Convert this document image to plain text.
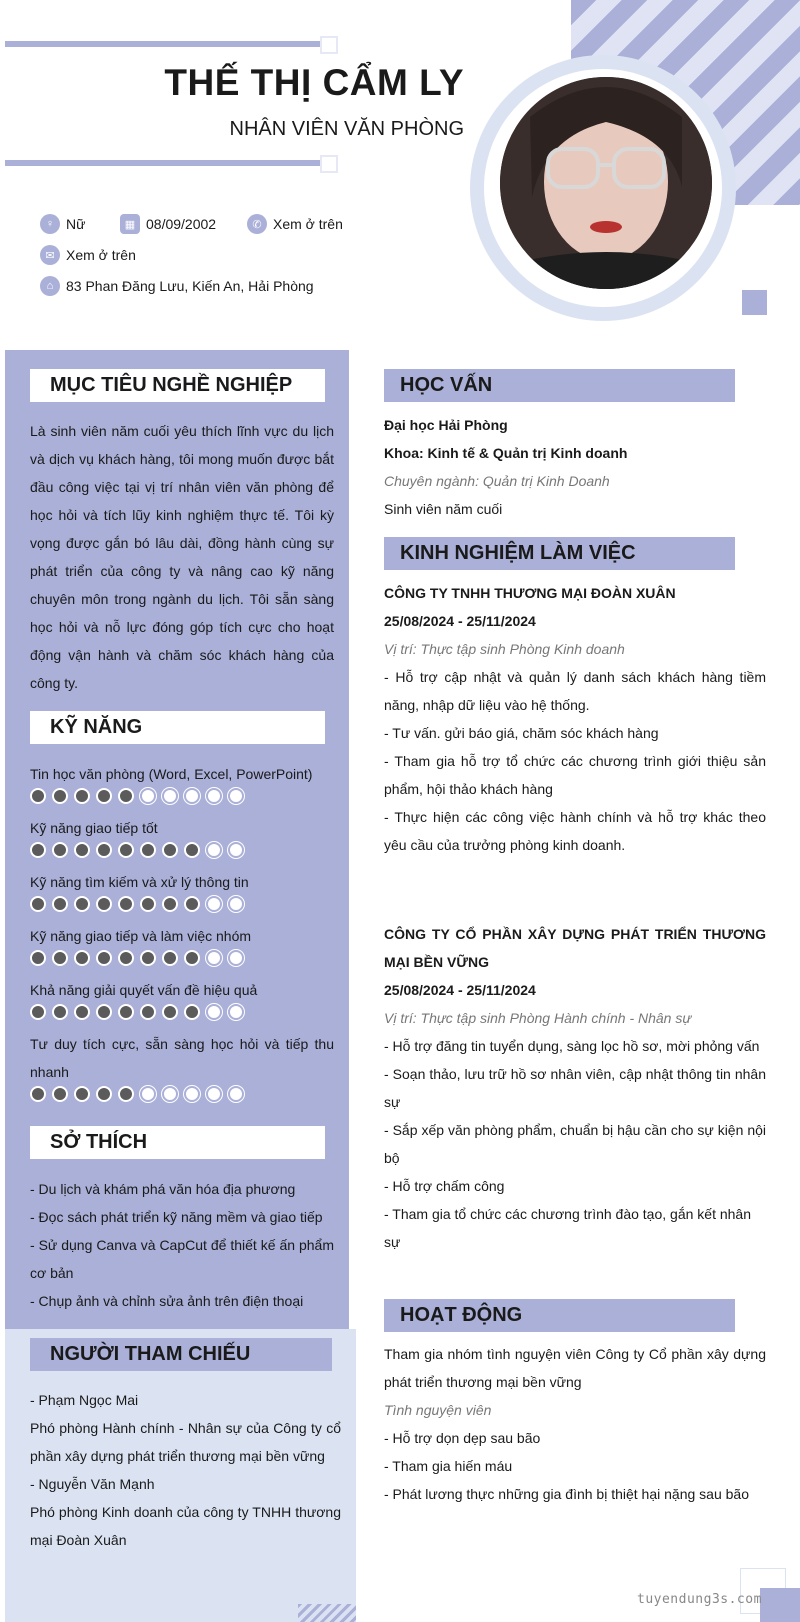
THẾ THỊ CẨM LY
NHÂN VIÊN VĂN PHÒNG
♀ Nữ	▦ 08/09/2002	✆ Xem ở trên
✉ Xem ở trên
⌂ 83 Phan Đăng Lưu, Kiến An, Hải Phòng
MỤC TIÊU NGHỀ NGHIỆP
Là sinh viên năm cuối yêu thích lĩnh vực du lịch và dịch vụ khách hàng, tôi mong muốn được bắt đầu công việc tại vị trí nhân viên văn phòng để học hỏi và tích lũy kinh nghiệm thực tế. Tôi kỳ vọng được gắn bó lâu dài, đồng hành cùng sự phát triển của công ty và nâng cao kỹ năng chuyên môn trong ngành du lịch. Tôi sẵn sàng học hỏi và nỗ lực đóng góp tích cực cho hoạt động vận hành và chăm sóc khách hàng của công ty.
KỸ NĂNG
Tin học văn phòng (Word, Excel, PowerPoint)
Kỹ năng giao tiếp tốt
Kỹ năng tìm kiếm và xử lý thông tin
Kỹ năng giao tiếp và làm việc nhóm
Khả năng giải quyết vấn đề hiệu quả
Tư duy tích cực, sẵn sàng học hỏi và tiếp thu nhanh
SỞ THÍCH
- Du lịch và khám phá văn hóa địa phương
- Đọc sách phát triển kỹ năng mềm và giao tiếp
- Sử dụng Canva và CapCut để thiết kế ấn phẩm cơ bản
- Chụp ảnh và chỉnh sửa ảnh trên điện thoại
NGƯỜI THAM CHIẾU
- Phạm Ngọc Mai
Phó phòng Hành chính - Nhân sự của Công ty cổ phần xây dựng phát triển thương mại bền vững
- Nguyễn Văn Mạnh
Phó phòng Kinh doanh của công ty TNHH thương mại Đoàn Xuân
HỌC VẤN
Đại học Hải Phòng
Khoa: Kinh tế & Quản trị Kinh doanh
Chuyên ngành: Quản trị Kinh Doanh
Sinh viên năm cuối
KINH NGHIỆM LÀM VIỆC
CÔNG TY TNHH THƯƠNG MẠI ĐOÀN XUÂN
25/08/2024 - 25/11/2024
Vị trí: Thực tập sinh Phòng Kinh doanh
- Hỗ trợ cập nhật và quản lý danh sách khách hàng tiềm năng, nhập dữ liệu vào hệ thống.
- Tư vấn. gửi báo giá, chăm sóc khách hàng
- Tham gia hỗ trợ tổ chức các chương trình giới thiệu sản phẩm, hội thảo khách hàng
- Thực hiện các công việc hành chính và hỗ trợ khác theo yêu cầu của trưởng phòng kinh doanh.
CÔNG TY CỔ PHẦN XÂY DỰNG PHÁT TRIỂN THƯƠNG MẠI BỀN VỮNG
25/08/2024 - 25/11/2024
Vị trí: Thực tập sinh Phòng Hành chính - Nhân sự
- Hỗ trợ đăng tin tuyển dụng, sàng lọc hồ sơ, mời phỏng vấn
- Soạn thảo, lưu trữ hồ sơ nhân viên, cập nhật thông tin nhân sự
- Sắp xếp văn phòng phẩm, chuẩn bị hậu cần cho sự kiện nội bộ
- Hỗ trợ chấm công
- Tham gia tổ chức các chương trình đào tạo, gắn kết nhân sự
HOẠT ĐỘNG
Tham gia nhóm tình nguyện viên Công ty Cổ phần xây dựng phát triển thương mại bền vững
Tình nguyện viên
- Hỗ trợ dọn dẹp sau bão
- Tham gia hiến máu
- Phát lương thực những gia đình bị thiệt hại nặng sau bão
tuyendung3s.com
